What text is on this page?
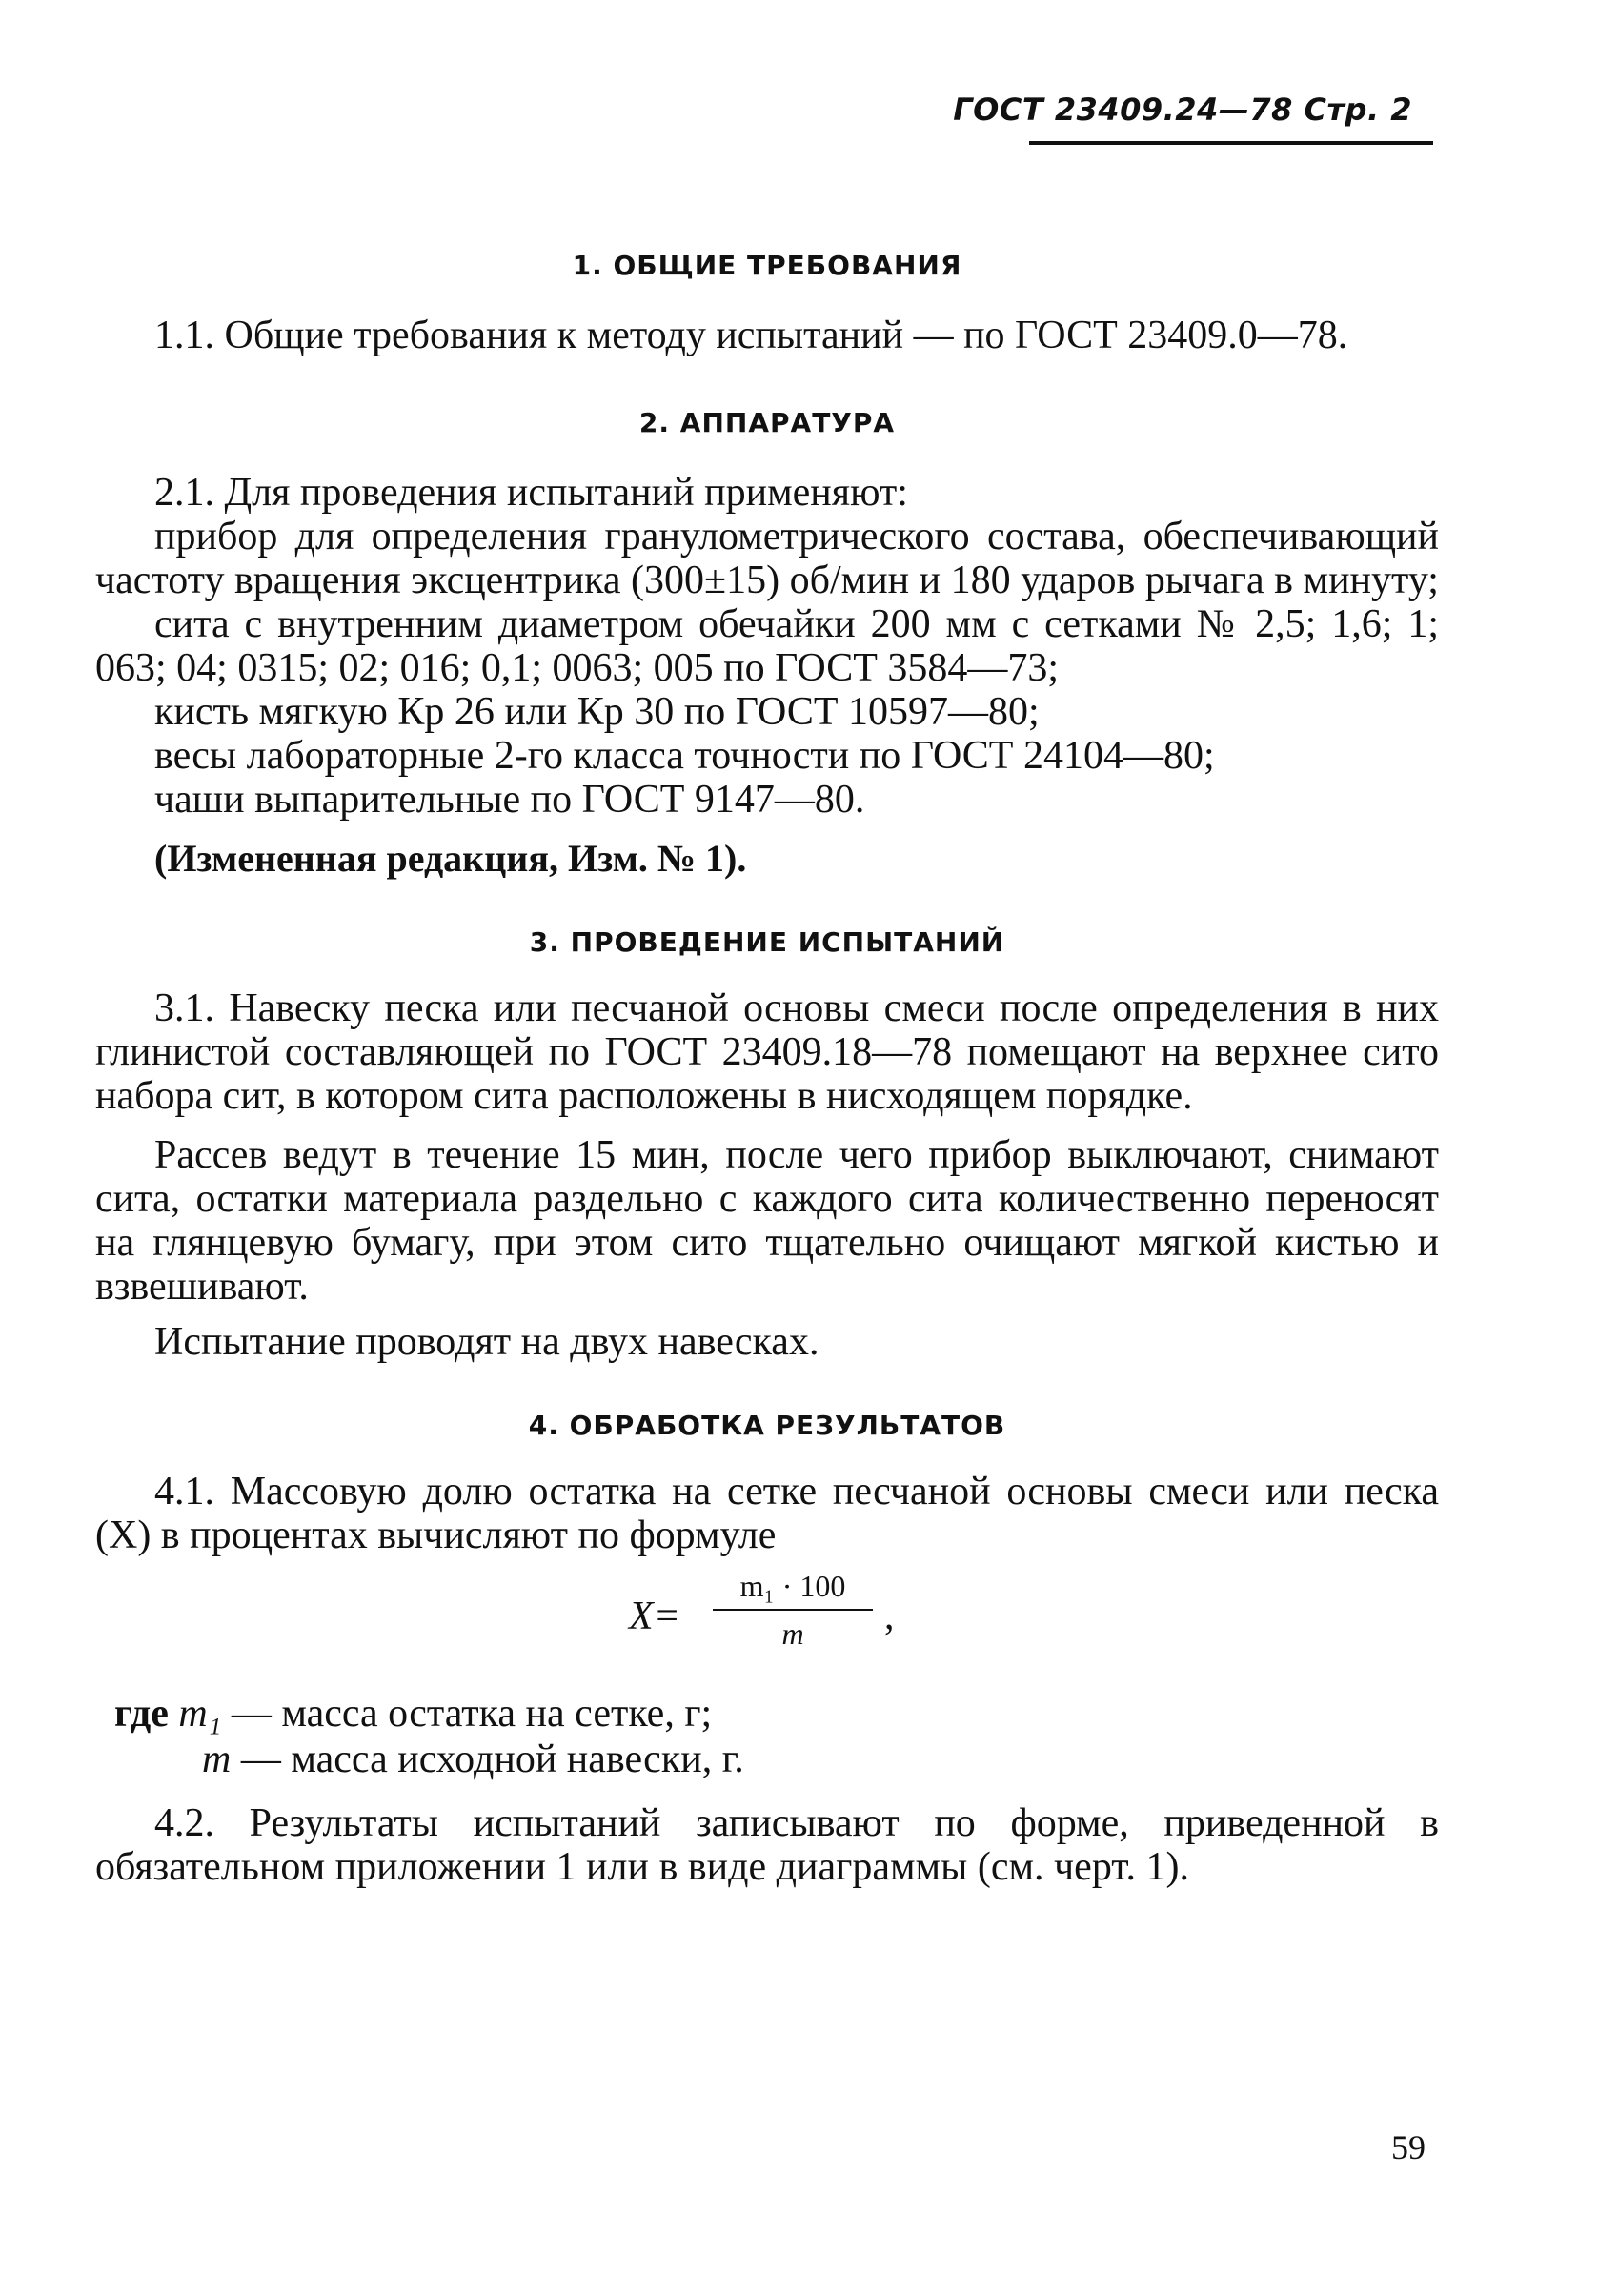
ГОСТ 23409.24—78 Стр. 2
1. ОБЩИЕ ТРЕБОВАНИЯ

1.1. Общие требования к методу испытаний — по ГОСТ 23409.0—78.

2. АППАРАТУРА

2.1. Для проведения испытаний применяют:

прибор для определения гранулометрического состава, обеспечивающий частоту вращения эксцентрика (300±15) об/мин и 180 ударов рычага в минуту;

сита с внутренним диаметром обечайки 200 мм с сетками № 2,5; 1,6; 1; 063; 04; 0315; 02; 016; 0,1; 0063; 005 по ГОСТ 3584—73;

кисть мягкую Кр 26 или Кр 30 по ГОСТ 10597—80;

весы лабораторные 2-го класса точности по ГОСТ 24104—80;

чаши выпарительные по ГОСТ 9147—80.

(Измененная редакция, Изм. № 1).

3. ПРОВЕДЕНИЕ ИСПЫТАНИЙ

3.1. Навеску песка или песчаной основы смеси после определения в них глинистой составляющей по ГОСТ 23409.18—78 помещают на верхнее сито набора сит, в котором сита расположены в нисходящем порядке.

Рассев ведут в течение 15 мин, после чего прибор выключают, снимают сита, остатки материала раздельно с каждого сита количественно переносят на глянцевую бумагу, при этом сито тщательно очищают мягкой кистью и взвешивают.

Испытание проводят на двух навесках.

4. ОБРАБОТКА РЕЗУЛЬТАТОВ

4.1. Массовую долю остатка на сетке песчаной основы смеси или песка (X) в процентах вычисляют по формуле

X=
m₁ · 100
m	,
где m₁ — масса остатка на сетке, г;
m — масса исходной навески, г.

4.2. Результаты испытаний записывают по форме, приведенной в обязательном приложении 1 или в виде диаграммы (см. черт. 1).

59
